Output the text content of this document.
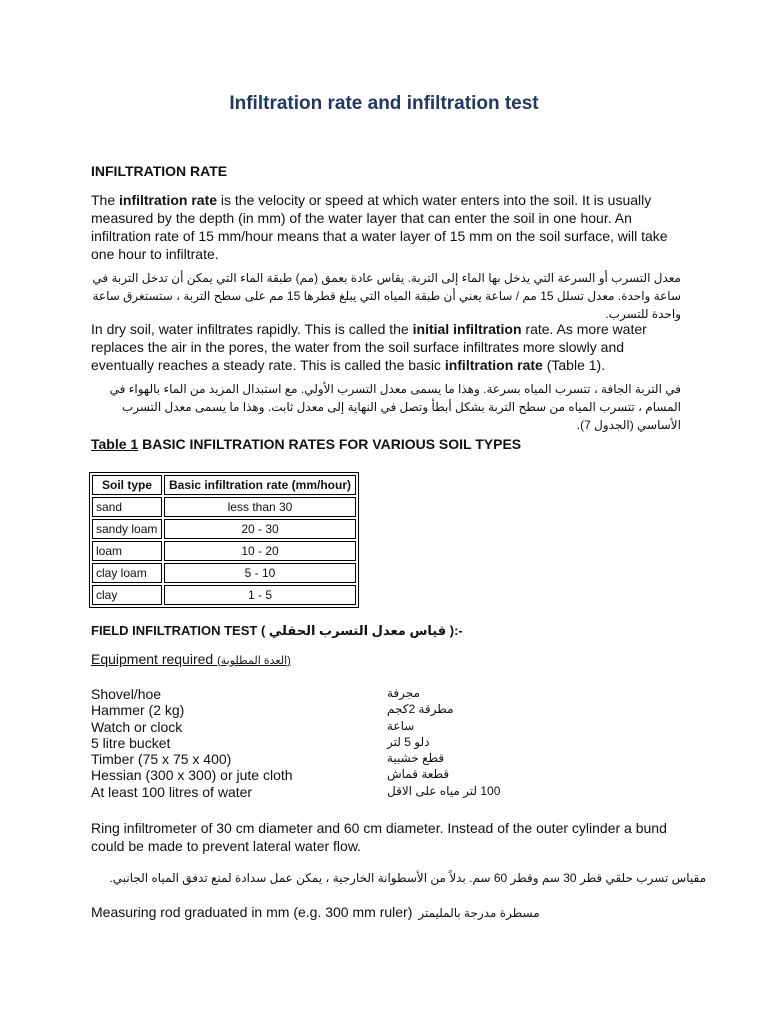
Infiltration rate and infiltration test
INFILTRATION RATE
The infiltration rate is the velocity or speed at which water enters into the soil. It is usually measured by the depth (in mm) of the water layer that can enter the soil in one hour. An infiltration rate of 15 mm/hour means that a water layer of 15 mm on the soil surface, will take one hour to infiltrate.
معدل التسرب أو السرعة التي يدخل بها الماء إلى التربة. يقاس عادة بعمق (مم) طبقة الماء التي يمكن أن تدخل التربة في ساعة واحدة. معدل تسلل 15 مم / ساعة يعني أن طبقة المياه التي يبلغ قطرها 15 مم على سطح التربة ، ستستغرق ساعة واحدة للتسرب.
In dry soil, water infiltrates rapidly. This is called the initial infiltration rate. As more water replaces the air in the pores, the water from the soil surface infiltrates more slowly and eventually reaches a steady rate. This is called the basic infiltration rate (Table 1).
في التربة الجافة ، تتسرب المياه بسرعة. وهذا ما يسمى معدل التسرب الأولي. مع استبدال المزيد من الماء بالهواء في المسام ، تتسرب المياه من سطح التربة بشكل أبطأ وتصل في النهاية إلى معدل ثابت. وهذا ما يسمى معدل التسرب الأساسي (الجدول 7).
Table 1 BASIC INFILTRATION RATES FOR VARIOUS SOIL TYPES
Soil type	Basic infiltration rate (mm/hour)
sand	less than 30
sandy loam	20 - 30
loam	10 - 20
clay loam	5 - 10
clay	1 - 5
FIELD INFILTRATION TEST ( قياس معدل التسرب الحقلي ):-
Equipment required (العدة المطلوبة)
Shovel/hoe	مجرفة
Hammer (2 kg)	مطرقة 2كجم
Watch or clock	ساعة
5 litre bucket	دلو 5 لتر
Timber (75 x 75 x 400)	قطع خشبية
Hessian (300 x 300) or jute cloth	قطعة قماش
At least 100 litres of water	100 لتر مياه على الاقل
Ring infiltrometer of 30 cm diameter and 60 cm diameter. Instead of the outer cylinder a bund could be made to prevent lateral water flow.
مقياس تسرب حلقي قطر 30 سم وقطر 60 سم. بدلاً من الأسطوانة الخارجية ، يمكن عمل سدادة لمنع تدفق المياه الجانبي.
Measuring rod graduated in mm (e.g. 300 mm ruler) مسطرة مدرجة بالمليمتر
